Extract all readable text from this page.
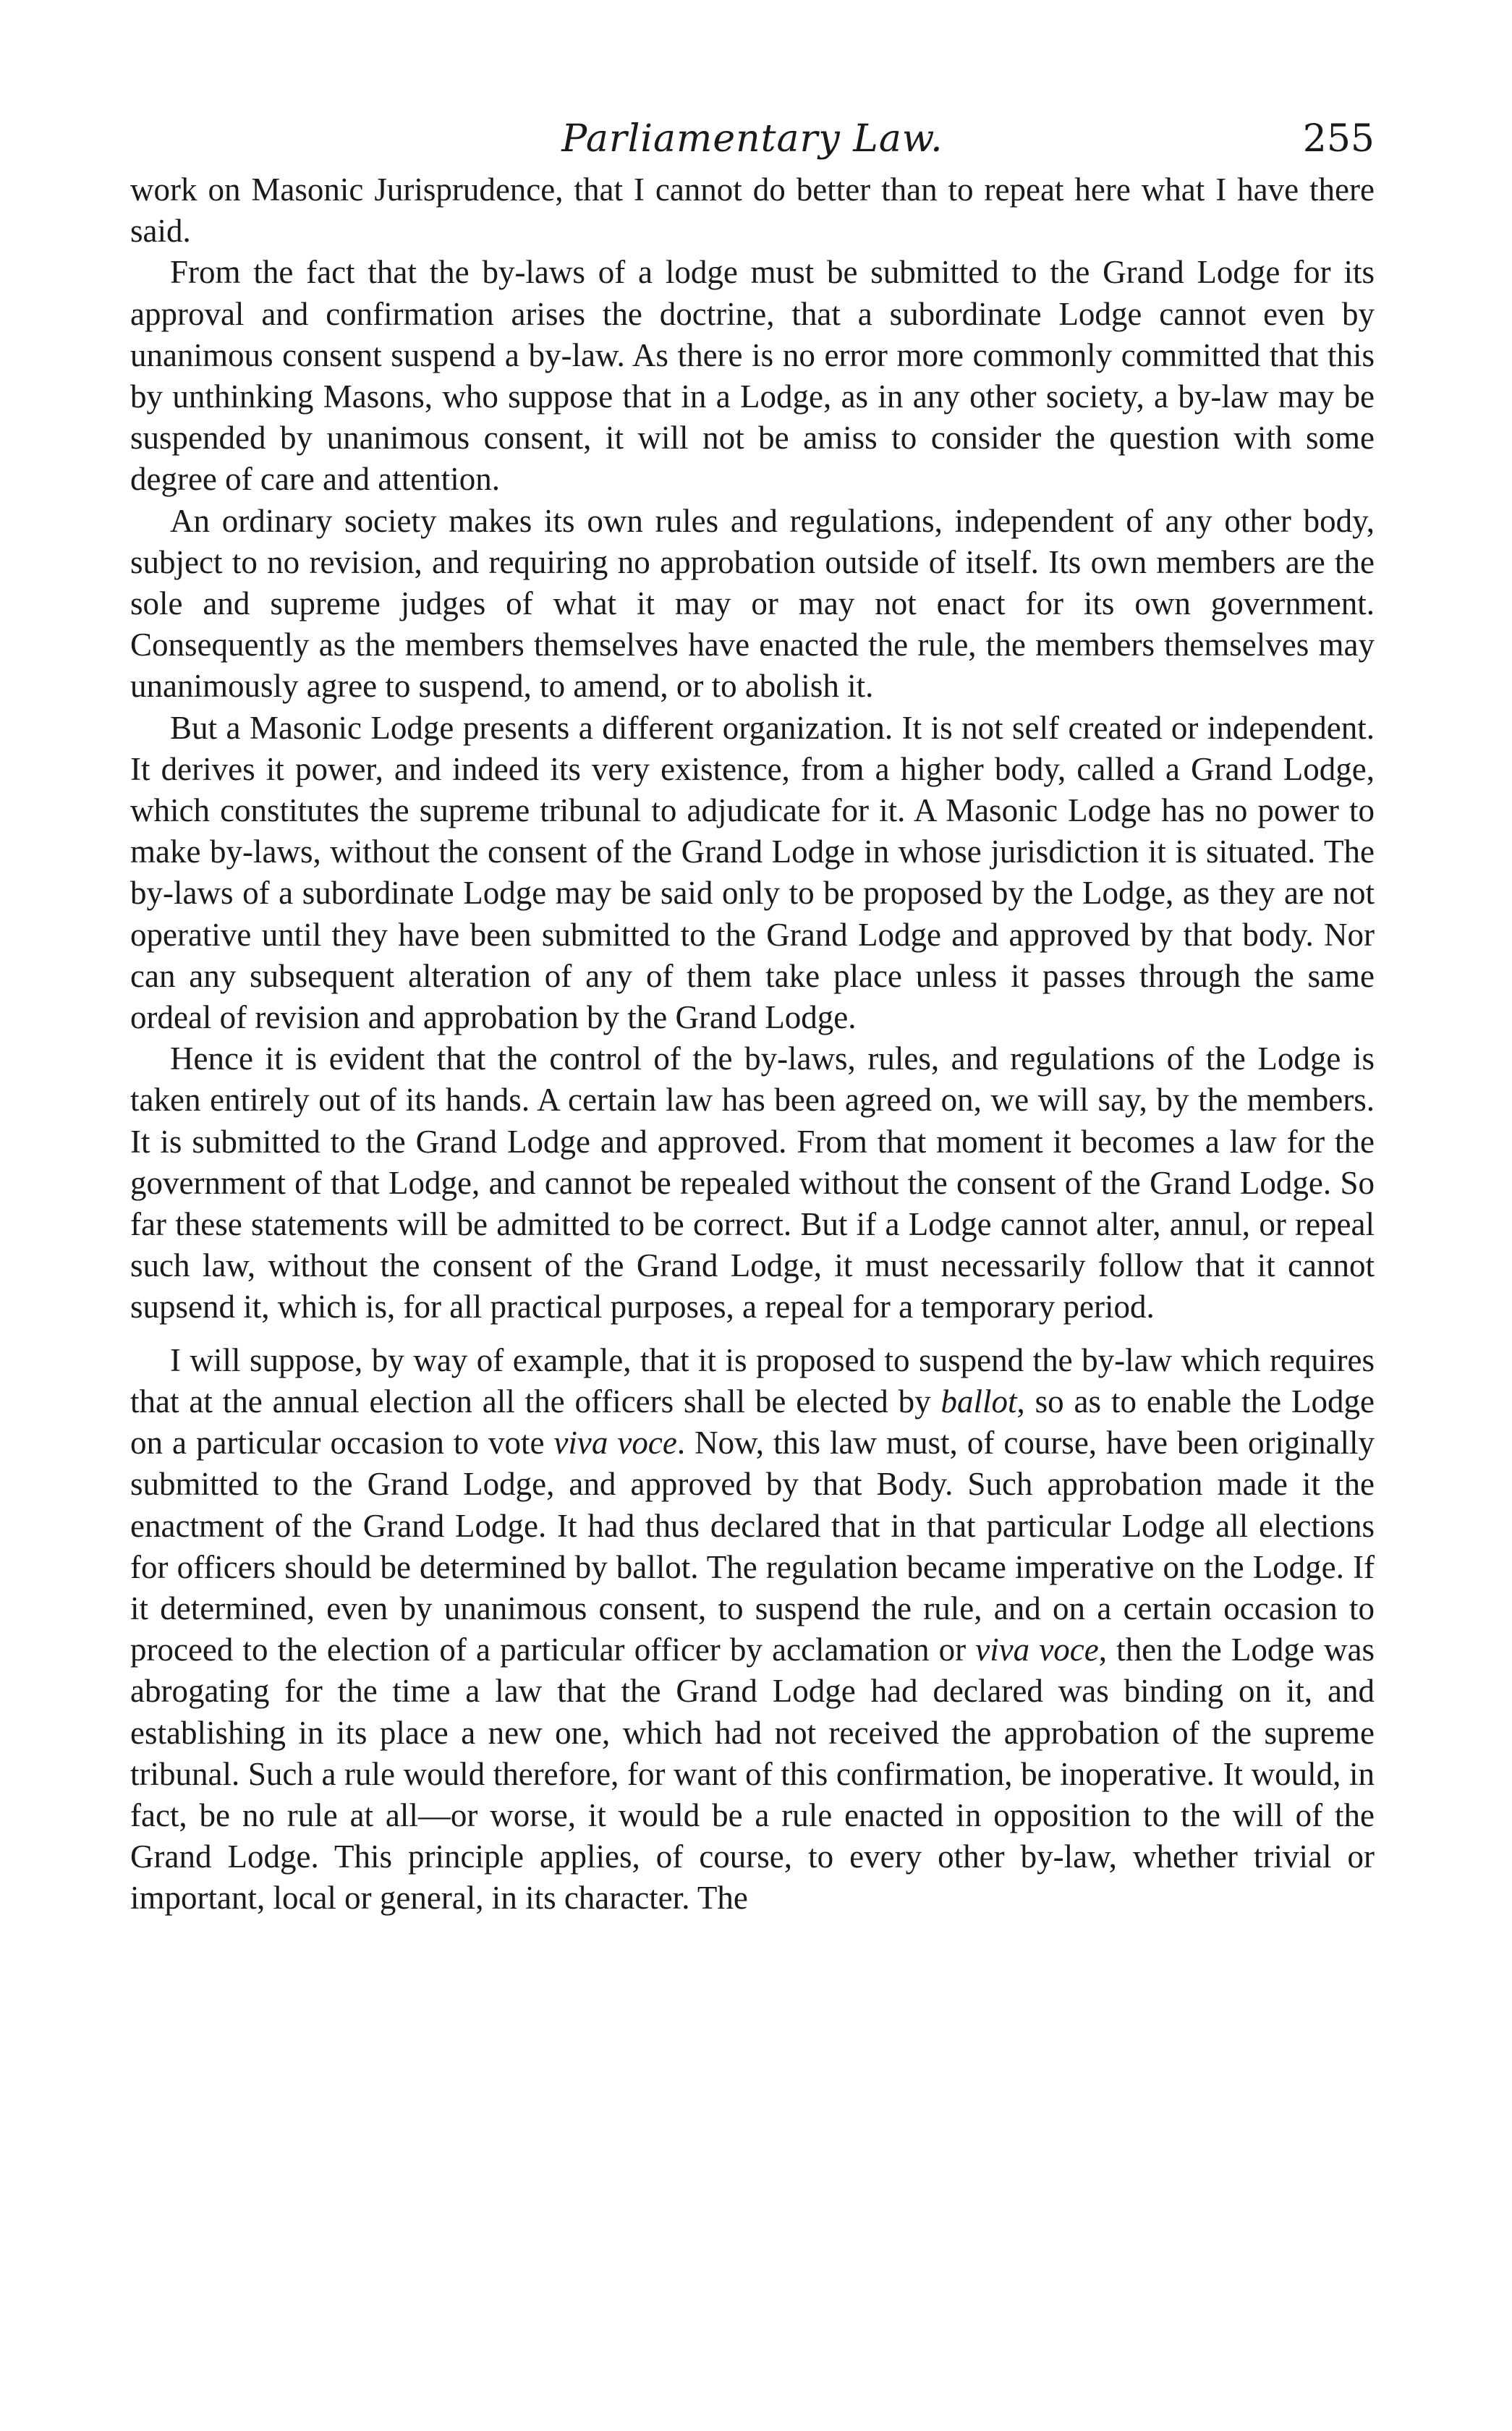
Parliamentary Law.	255

work on Masonic Jurisprudence, that I cannot do better than to repeat here what I have there said.

From the fact that the by-laws of a lodge must be submitted to the Grand Lodge for its approval and confirmation arises the doctrine, that a subordinate Lodge cannot even by unanimous consent suspend a by-law. As there is no error more commonly committed that this by unthinking Masons, who suppose that in a Lodge, as in any other society, a by-law may be suspended by unanimous consent, it will not be amiss to consider the question with some degree of care and attention.

An ordinary society makes its own rules and regulations, independent of any other body, subject to no revision, and requiring no approbation outside of itself. Its own members are the sole and supreme judges of what it may or may not enact for its own government. Consequently as the members themselves have enacted the rule, the members themselves may unanimously agree to suspend, to amend, or to abolish it.

But a Masonic Lodge presents a different organization. It is not self created or independent. It derives it power, and indeed its very existence, from a higher body, called a Grand Lodge, which constitutes the supreme tribunal to adjudicate for it. A Masonic Lodge has no power to make by-laws, without the consent of the Grand Lodge in whose jurisdiction it is situated. The by-laws of a subordinate Lodge may be said only to be proposed by the Lodge, as they are not operative until they have been submitted to the Grand Lodge and approved by that body. Nor can any subsequent alteration of any of them take place unless it passes through the same ordeal of revision and approbation by the Grand Lodge.

Hence it is evident that the control of the by-laws, rules, and regulations of the Lodge is taken entirely out of its hands. A certain law has been agreed on, we will say, by the members. It is submitted to the Grand Lodge and approved. From that moment it becomes a law for the government of that Lodge, and cannot be repealed without the consent of the Grand Lodge. So far these statements will be admitted to be correct. But if a Lodge cannot alter, annul, or repeal such law, without the consent of the Grand Lodge, it must necessarily follow that it cannot supsend it, which is, for all practical purposes, a repeal for a temporary period.

I will suppose, by way of example, that it is proposed to suspend the by-law which requires that at the annual election all the officers shall be elected by ballot, so as to enable the Lodge on a particular occasion to vote viva voce. Now, this law must, of course, have been originally submitted to the Grand Lodge, and approved by that Body. Such approbation made it the enactment of the Grand Lodge. It had thus declared that in that particular Lodge all elections for officers should be determined by ballot. The regulation became imperative on the Lodge. If it determined, even by unanimous consent, to suspend the rule, and on a certain occasion to proceed to the election of a particular officer by acclamation or viva voce, then the Lodge was abrogating for the time a law that the Grand Lodge had declared was binding on it, and establishing in its place a new one, which had not received the approbation of the supreme tribunal. Such a rule would therefore, for want of this confirmation, be inoperative. It would, in fact, be no rule at all—or worse, it would be a rule enacted in opposition to the will of the Grand Lodge. This principle applies, of course, to every other by-law, whether trivial or important, local or general, in its character. The
